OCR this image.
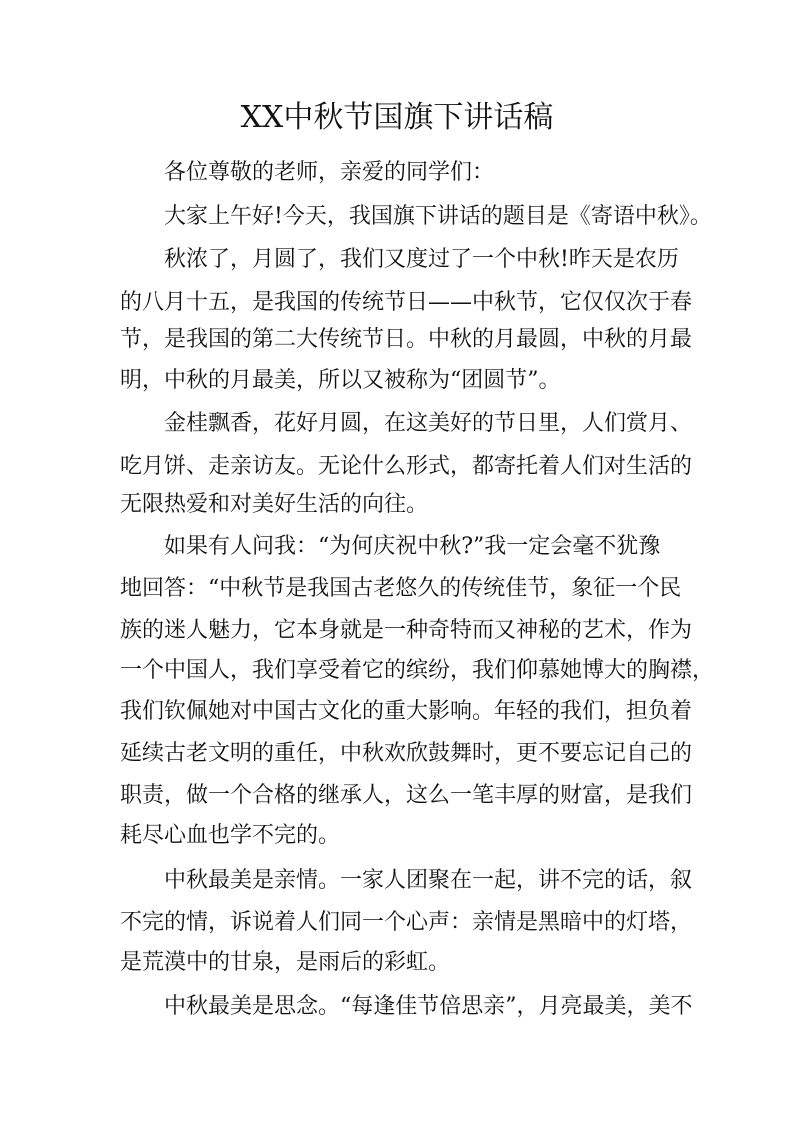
XX中秋节国旗下讲话稿

各位尊敬的老师，亲爱的同学们：

大家上午好!今天，我国旗下讲话的题目是《寄语中秋》。

秋浓了，月圆了，我们又度过了一个中秋!昨天是农历

的八月十五，是我国的传统节日——中秋节，它仅仅次于春

节，是我国的第二大传统节日。中秋的月最圆，中秋的月最

明，中秋的月最美，所以又被称为“团圆节”。

金桂飘香，花好月圆，在这美好的节日里，人们赏月、

吃月饼、走亲访友。无论什么形式，都寄托着人们对生活的

无限热爱和对美好生活的向往。

如果有人问我：“为何庆祝中秋?”我一定会毫不犹豫

地回答：“中秋节是我国古老悠久的传统佳节，象征一个民

族的迷人魅力，它本身就是一种奇特而又神秘的艺术，作为

一个中国人，我们享受着它的缤纷，我们仰慕她博大的胸襟，

我们钦佩她对中国古文化的重大影响。年轻的我们，担负着

延续古老文明的重任，中秋欢欣鼓舞时，更不要忘记自己的

职责，做一个合格的继承人，这么一笔丰厚的财富，是我们

耗尽心血也学不完的。

中秋最美是亲情。一家人团聚在一起，讲不完的话，叙

不完的情，诉说着人们同一个心声：亲情是黑暗中的灯塔，

是荒漠中的甘泉，是雨后的彩虹。

中秋最美是思念。“每逢佳节倍思亲”，月亮最美，美不
